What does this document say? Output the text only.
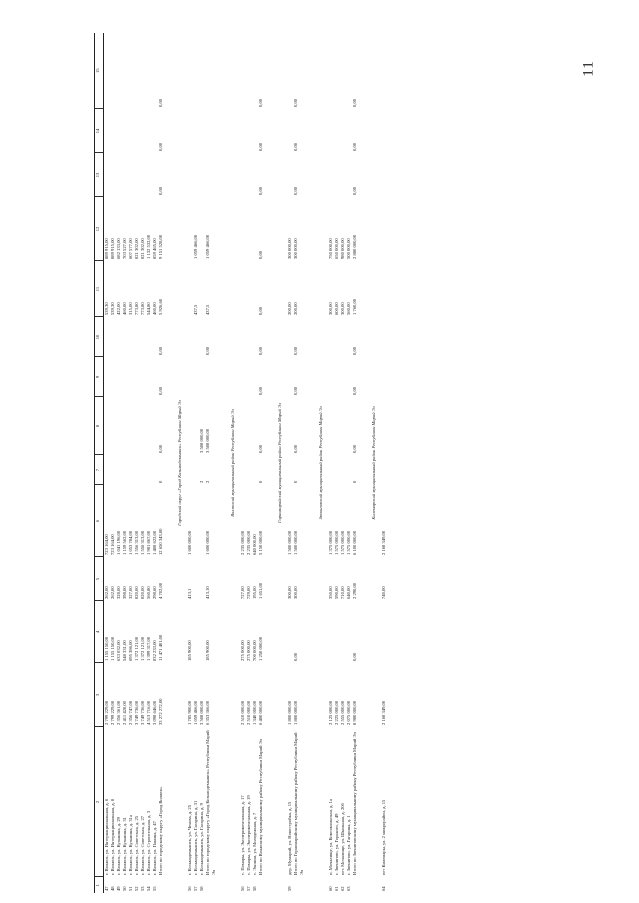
11
1	2	3	4	5	6	7	8	9	10	11	12	13	14	15
47	г. Волжск, ул. Интернациональная, д. 6	2 799 229,00	1 155 150,00	262,00	723 164,00					539,30	889 915,00			
48	г. Волжск, ул. Интернациональная, д. 8	2 799 229,00	1 155 150,00	262,00	723 164,00					539,30	889 915,00			
49	г. Волжск, ул. Кузьмина, д. 29	2 356 361,00	633 032,00	328,00	1 041 196,00					422,00	682 133,00			
50	г. Волжск, ул. Кузьмина, д. 31	2 411 420,00	548 331,00	398,00	1 159 562,00					460,00	703 527,00			
51	г. Волжск, ул. Кузьмина, д. 31а	2 356 747,00	695 386,00	327,00	1 053 784,00					315,00	607 577,00			
52	г. Волжск, ул. Советская, д. 25	3 749 736,00	1 372 121,00	820,00	1 556 313,00					773,80	821 302,00			
53	г. Волжск, ул. Советская, д. 27	3 749 736,00	1 372 121,00	820,00	1 556 313,00					773,80	821 302,00			
54	г. Волжск, ул. Строительная, д. 3	4 513 716,00	1 399 317,00	560,80	1 981 867,00					544,80	1 132 532,00			
55	г. Волжск, ул. Панина, д. 47	3 098 646,00	832 233,00	298,60	1 408 622,00					460,00	859 465,00			
	Итого по городскому округу «Город Волжск»	33 272 272,00	11 471 401,00	4 702,00	12 650 343,00	0	0,00	0,00	0,00	5 926,60	9 151 528,00	0,00	0,00	0,00

Городской округ «Город Козьмодемьянск» Республики Марий Эл														
56	г. Козьмодемьянск, ул. Чехова, д. 25	1 785 900,00	185 900,00	413,1	1 600 000,00									
57	г. Козьмодемьянск, ул. Гагарина, д. 31	1 059 466,00								437,5	1 059 466,00			
58	г. Козьмодемьянск, ул. Гагарина, д. 9	3 508 000,00				2	3 508 000,00							
	Итого по городскому округу «Город Козьмодемьянск» Республики Марий Эл	6 353 366,00	185 900,00	413,10	1 600 000,00	2	3 508 000,00		0,00	437,5	1 059 466,00			

Волжский муниципальный район Республики Марий Эл														
56	с. Помары, ул. Экспериментальная, д. 17	2 510 000,00	275 000,00	727,00	2 235 000,00									
57	с. Помары, ул. Экспериментальная, д. 19	2 510 000,00	275 000,00	729,00	2 235 000,00									
58	с. Эконом, ул. Молодежная, д. 7	1 340 000,00	700 000,00	195,00	640 000,00									
	Итого по Волжскому муниципальному району Республики Марий Эл	6 400 000,00	1 250 000,00	1 651,00	5 150 000,00	0	0,00	0,00	0,00	0,00	0,00	0,00	0,00	0,00

Горномарийский муниципальный район Республики Марий Эл														
59	дер. Мумарий, ул. Новостройка, д. 15	1 800 000,00		300,00	1 500 000,00					200,00	300 000,00			
	Итого по Горномарийскому муниципальному району Республики Марий Эл	1 800 000,00	0,00	300,00	1 500 000,00	0	0,00	0,00	0,00	200,00	300 000,00	0,00	0,00	0,00

Звениговский муниципальный район Республики Марий Эл														
60	п. Мочалище, ул. Комсомольская, д. 1а	2 125 000,00		350,00	1 375 000,00					300,00	750 000,00			
61	г. Звенигово, ул. Горького, д. 49	2 225 000,00		590,00	1 575 000,00					600,00	650 000,00			
62	пгт. Мочалище, ул. Школьная, д. 20б	2 555 000,00		710,00	1 575 000,00					300,00	980 000,00			
63	г. Звенигово, ул. Гагарина, д. 1	2 075 000,00		640,00	1 575 000,00					560,00	500 000,00			
	Итого по Звениговскому муниципальному району Республики Марий Эл	8 980 000,00	0,00	2 290,00	6 100 000,00	0	0,00	0,00	0,00	1 760,00	2 880 000,00	0,00	0,00	0,00

Килемарский муниципальный район Республики Марий Эл														
64	пгт Килемары, ул. 2 микрорайон, д. 15	2 168 349,00		740,00	2 168 349,00									
